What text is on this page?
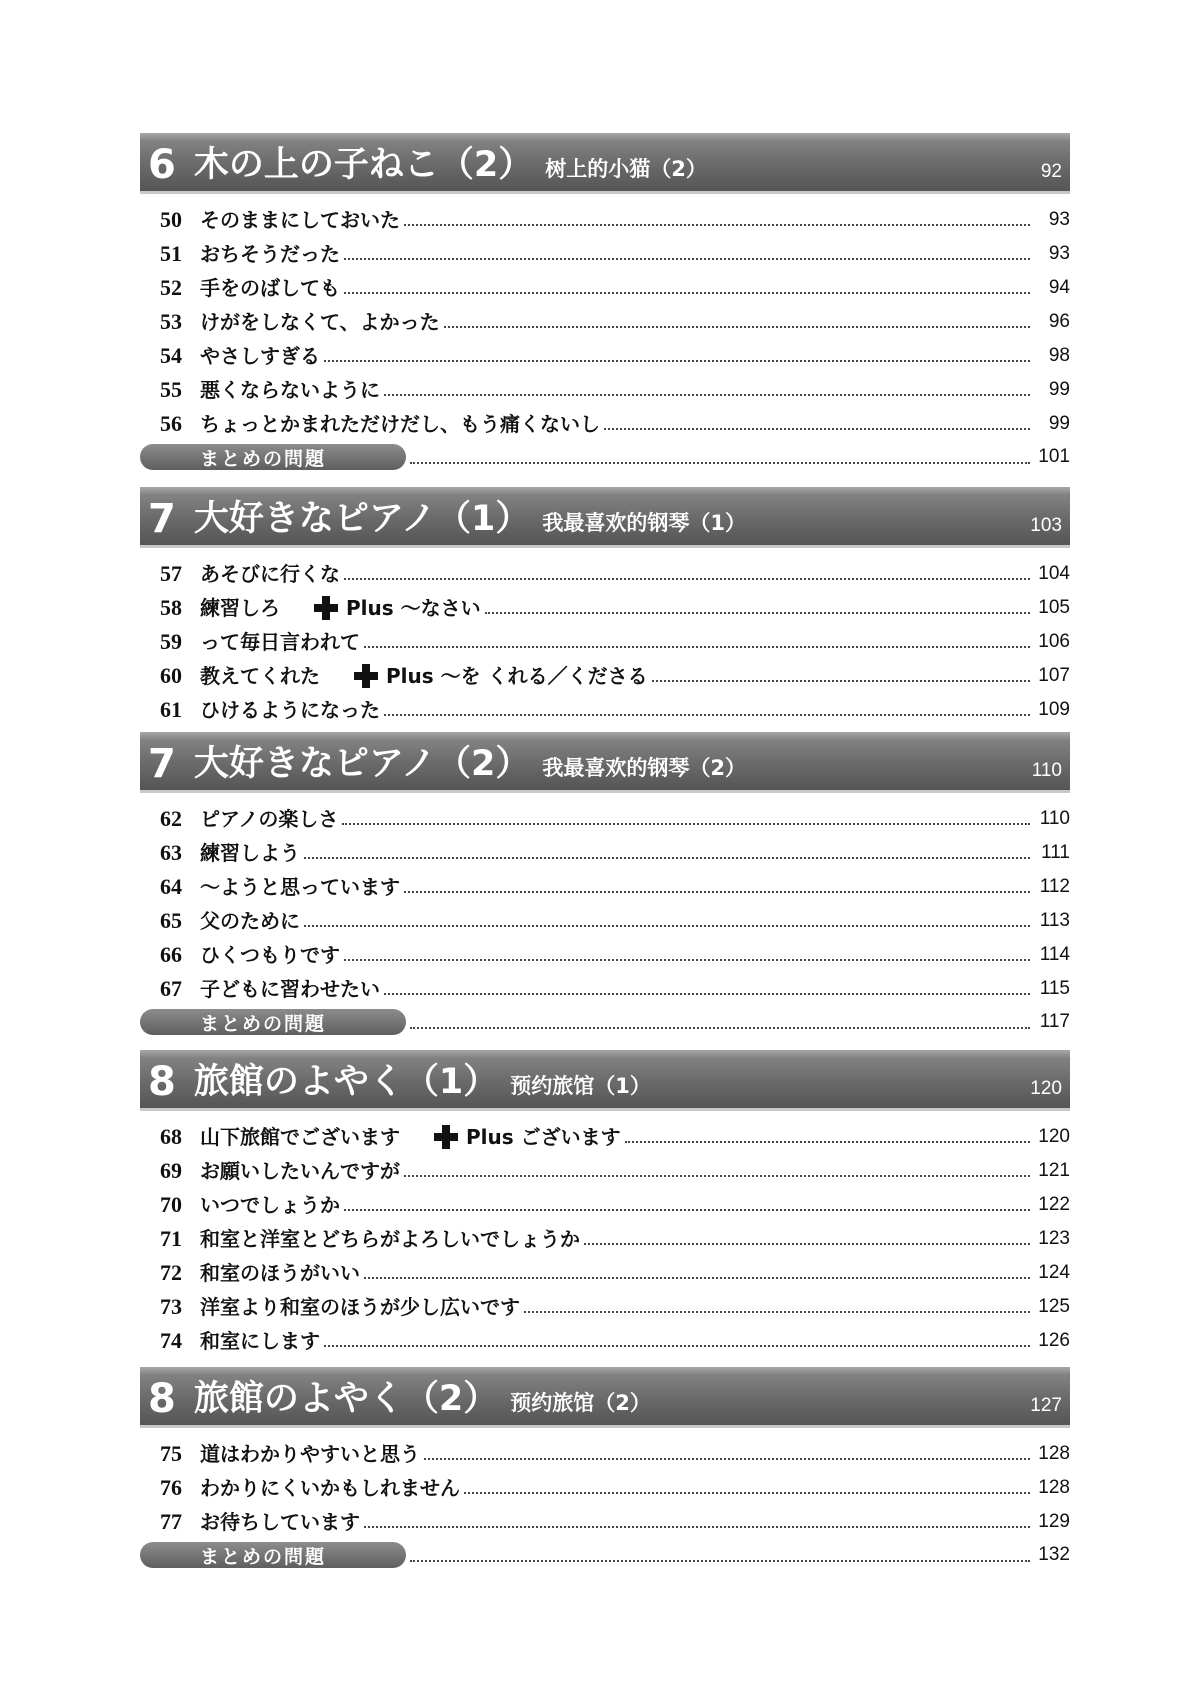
6 木の上の子ねこ（2） 树上的小猫（2）	92
50 そのままにしておいた	93
51 おちそうだった	93
52 手をのばしても	94
53 けがをしなくて、よかった	96
54 やさしすぎる	98
55 悪くならないように	99
56 ちょっとかまれただけだし、もう痛くないし	99
まとめの問題	101
7 大好きなピアノ（1） 我最喜欢的钢琴（1）	103
57 あそびに行くな	104
58 練習しろ	Plus ～なさい	105
59 って毎日言われて	106
60 教えてくれた	Plus ～を くれる／くださる	107
61 ひけるようになった	109
7 大好きなピアノ（2） 我最喜欢的钢琴（2）	110
62 ピアノの楽しさ	110
63 練習しよう	111
64 ～ようと思っています	112
65 父のために	113
66 ひくつもりです	114
67 子どもに習わせたい	115
まとめの問題	117
8 旅館のよやく（1） 预约旅馆（1）	120
68 山下旅館でございます	Plus ございます	120
69 お願いしたいんですが	121
70 いつでしょうか	122
71 和室と洋室とどちらがよろしいでしょうか	123
72 和室のほうがいい	124
73 洋室より和室のほうが少し広いです	125
74 和室にします	126
8 旅館のよやく（2） 预约旅馆（2）	127
75 道はわかりやすいと思う	128
76 わかりにくいかもしれません	128
77 お待ちしています	129
まとめの問題	132
